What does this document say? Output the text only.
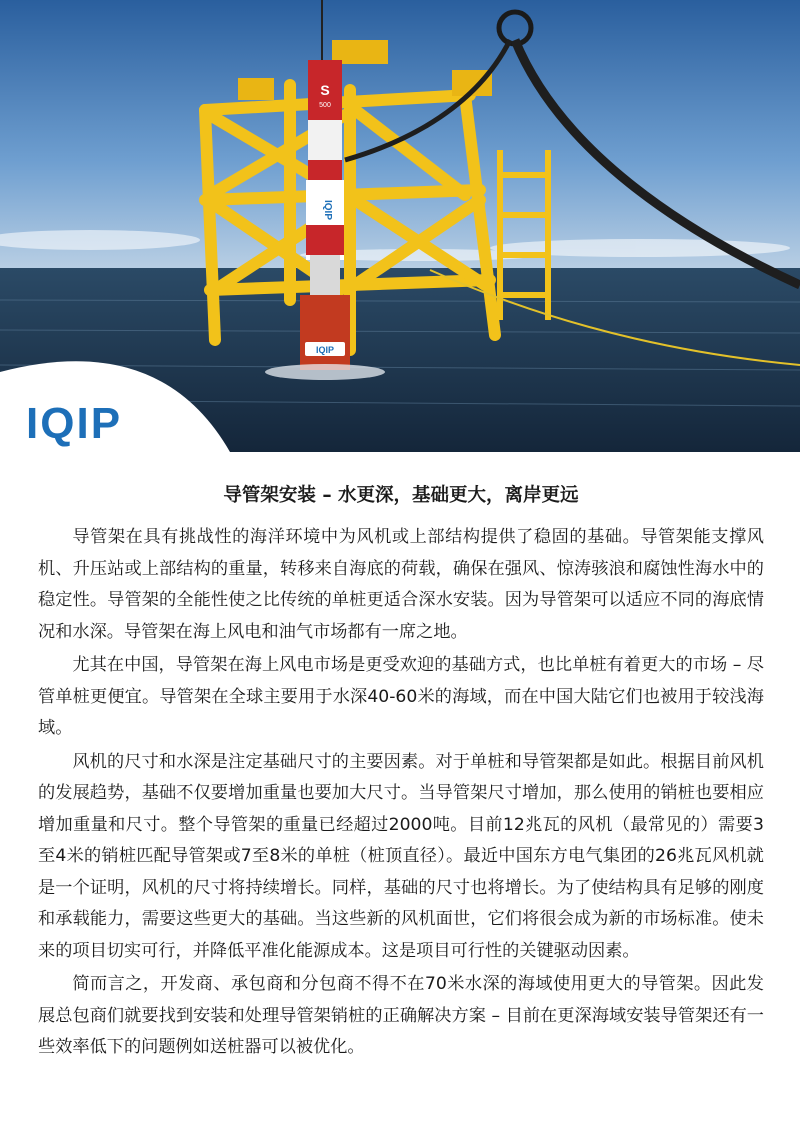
S
500
IQIP
IQIP
IQIP
导管架安装 – 水更深，基础更大，离岸更远

导管架在具有挑战性的海洋环境中为风机或上部结构提供了稳固的基础。导管架能支撑风机、升压站或上部结构的重量，转移来自海底的荷载，确保在强风、惊涛骇浪和腐蚀性海水中的稳定性。导管架的全能性使之比传统的单桩更适合深水安装。因为导管架可以适应不同的海底情况和水深。导管架在海上风电和油气市场都有一席之地。

尤其在中国，导管架在海上风电市场是更受欢迎的基础方式，也比单桩有着更大的市场 – 尽管单桩更便宜。导管架在全球主要用于水深40-60米的海域，而在中国大陆它们也被用于较浅海域。

风机的尺寸和水深是注定基础尺寸的主要因素。对于单桩和导管架都是如此。根据目前风机的发展趋势，基础不仅要增加重量也要加大尺寸。当导管架尺寸增加，那么使用的销桩也要相应增加重量和尺寸。整个导管架的重量已经超过2000吨。目前12兆瓦的风机（最常见的）需要3至4米的销桩匹配导管架或7至8米的单桩（桩顶直径）。最近中国东方电气集团的26兆瓦风机就是一个证明，风机的尺寸将持续增长。同样，基础的尺寸也将增长。为了使结构具有足够的刚度和承载能力，需要这些更大的基础。当这些新的风机面世，它们将很会成为新的市场标准。使未来的项目切实可行，并降低平准化能源成本。这是项目可行性的关键驱动因素。

简而言之，开发商、承包商和分包商不得不在70米水深的海域使用更大的导管架。因此发展总包商们就要找到安装和处理导管架销桩的正确解决方案 – 目前在更深海域安装导管架还有一些效率低下的问题例如送桩器可以被优化。
